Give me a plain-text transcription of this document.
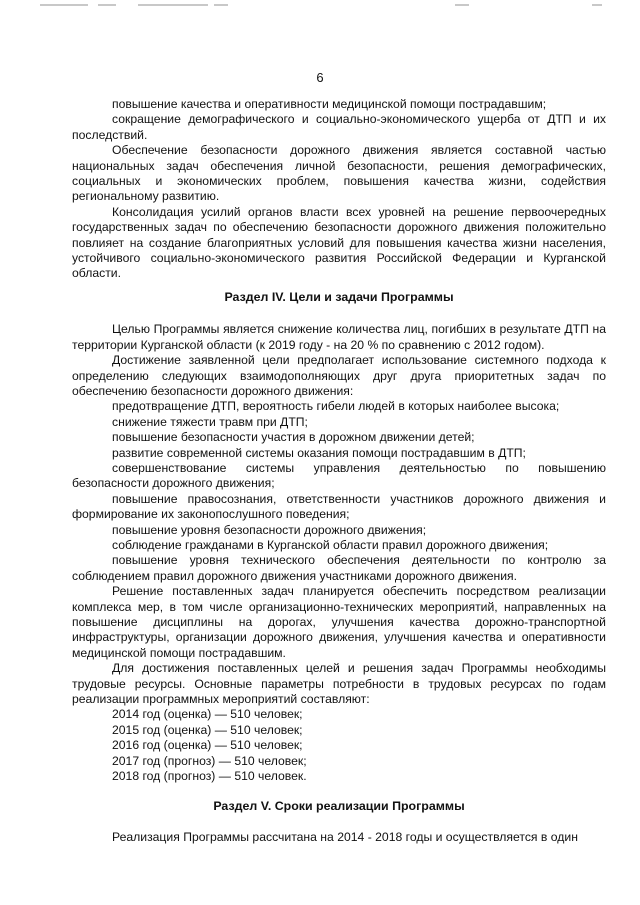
6

повышение качества и оперативности медицинской помощи пострадавшим;

сокращение демографического и социально-экономического ущерба от ДТП и их последствий.

Обеспечение безопасности дорожного движения является составной частью национальных задач обеспечения личной безопасности, решения демографических, социальных и экономических проблем, повышения качества жизни, содействия региональному развитию.

Консолидация усилий органов власти всех уровней на решение первоочередных государственных задач по обеспечению безопасности дорожного движения положительно повлияет на создание благоприятных условий для повышения качества жизни населения, устойчивого социально-экономического развития Российской Федерации и Курганской области.

Раздел IV. Цели и задачи Программы

Целью Программы является снижение количества лиц, погибших в результате ДТП на территории Курганской области (к 2019 году - на 20 % по сравнению с 2012 годом).

Достижение заявленной цели предполагает использование системного подхода к определению следующих взаимодополняющих друг друга приоритетных задач по обеспечению безопасности дорожного движения:

предотвращение ДТП, вероятность гибели людей в которых наиболее высока;

снижение тяжести травм при ДТП;

повышение безопасности участия в дорожном движении детей;

развитие современной системы оказания помощи пострадавшим в ДТП;

совершенствование системы управления деятельностью по повышению безопасности дорожного движения;

повышение правосознания, ответственности участников дорожного движения и формирование их законопослушного поведения;

повышение уровня безопасности дорожного движения;

соблюдение гражданами в Курганской области правил дорожного движения;

повышение уровня технического обеспечения деятельности по контролю за соблюдением правил дорожного движения участниками дорожного движения.

Решение поставленных задач планируется обеспечить посредством реализации комплекса мер, в том числе организационно-технических мероприятий, направленных на повышение дисциплины на дорогах, улучшения качества дорожно-транспортной инфраструктуры, организации дорожного движения, улучшения качества и оперативности медицинской помощи пострадавшим.

Для достижения поставленных целей и решения задач Программы необходимы трудовые ресурсы. Основные параметры потребности в трудовых ресурсах по годам реализации программных мероприятий составляют:

2014 год (оценка) — 510 человек;

2015 год (оценка) — 510 человек;

2016 год (оценка) — 510 человек;

2017 год (прогноз) — 510 человек;

2018 год (прогноз) — 510 человек.

Раздел V. Сроки реализации Программы

Реализация Программы рассчитана на 2014 - 2018 годы и осуществляется в один
